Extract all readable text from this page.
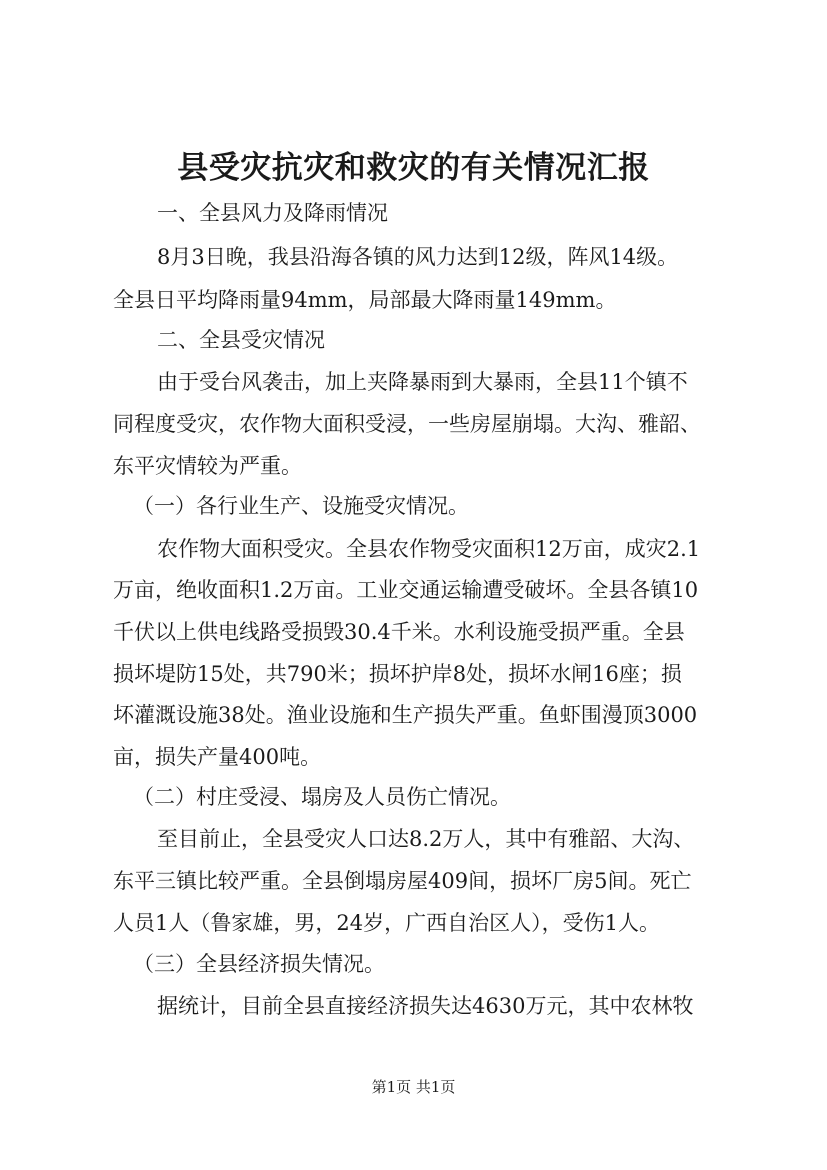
县受灾抗灾和救灾的有关情况汇报
一、全县风力及降雨情况
8月3日晚，我县沿海各镇的风力达到12级，阵风14级。
全县日平均降雨量94mm，局部最大降雨量149mm。
二、全县受灾情况
由于受台风袭击，加上夹降暴雨到大暴雨，全县11个镇不
同程度受灾，农作物大面积受浸，一些房屋崩塌。大沟、雅韶、
东平灾情较为严重。
（一）各行业生产、设施受灾情况。
农作物大面积受灾。全县农作物受灾面积12万亩，成灾2.1
万亩，绝收面积1.2万亩。工业交通运输遭受破坏。全县各镇10
千伏以上供电线路受损毁30.4千米。水利设施受损严重。全县
损坏堤防15处，共790米；损坏护岸8处，损坏水闸16座；损
坏灌溉设施38处。渔业设施和生产损失严重。鱼虾围漫顶3000
亩，损失产量400吨。
（二）村庄受浸、塌房及人员伤亡情况。
至目前止，全县受灾人口达8.2万人，其中有雅韶、大沟、
东平三镇比较严重。全县倒塌房屋409间，损坏厂房5间。死亡
人员1人（鲁家雄，男，24岁，广西自治区人），受伤1人。
（三）全县经济损失情况。
据统计，目前全县直接经济损失达4630万元，其中农林牧
第1页 共1页
